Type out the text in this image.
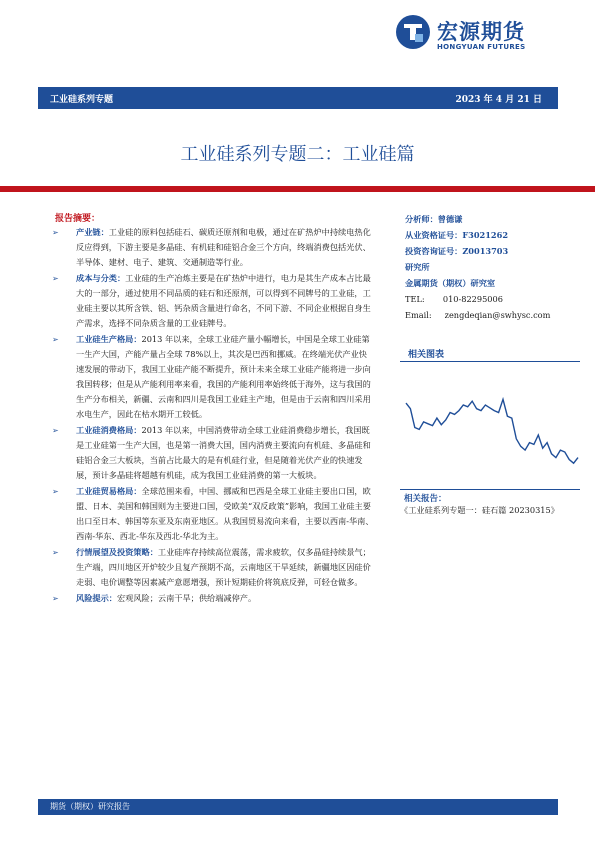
宏源期货
HONGYUAN FUTURES
工业硅系列专题	2023 年 4 月 21 日
工业硅系列专题二：工业硅篇
报告摘要：
➢ 产业链：工业硅的原料包括硅石、碳质还原剂和电极，通过在矿热炉中持续电热化反应得到，下游主要是多晶硅、有机硅和硅铝合金三个方向，终端消费包括光伏、半导体、建材、电子、建筑、交通制造等行业。
➢ 成本与分类：工业硅的生产冶炼主要是在矿热炉中进行，电力是其生产成本占比最大的一部分，通过使用不同品质的硅石和还原剂，可以得到不同牌号的工业硅，工业硅主要以其所含铁、铝、钙杂质含量进行命名，不同下游、不同企业根据自身生产需求，选择不同杂质含量的工业硅牌号。
➢ 工业硅生产格局：2013 年以来，全球工业硅产量小幅增长，中国是全球工业硅第一生产大国，产能产量占全球 78%以上，其次是巴西和挪威。在终端光伏产业快速发展的带动下，我国工业硅产能不断提升，预计未来全球工业硅产能将进一步向我国转移；但是从产能利用率来看，我国的产能利用率始终低于海外，这与我国的生产分布相关，新疆、云南和四川是我国工业硅主产地，但是由于云南和四川采用水电生产，因此在枯水期开工较低。
➢ 工业硅消费格局：2013 年以来，中国消费带动全球工业硅消费稳步增长，我国既是工业硅第一生产大国，也是第一消费大国，国内消费主要流向有机硅、多晶硅和硅铝合金三大板块，当前占比最大的是有机硅行业，但是随着光伏产业的快速发展，预计多晶硅将超越有机硅，成为我国工业硅消费的第一大板块。
➢ 工业硅贸易格局：全球范围来看，中国、挪威和巴西是全球工业硅主要出口国，欧盟、日本、美国和韩国则为主要进口国，受欧美“双反政策”影响，我国工业硅主要出口至日本、韩国等东亚及东南亚地区。从我国贸易流向来看，主要以西南-华南、西南-华东、西北-华东及西北-华北为主。
➢ 行情展望及投资策略：工业硅库存持续高位震荡，需求疲软，仅多晶硅持续景气；生产端，四川地区开炉较少且复产预期不高，云南地区干旱延续，新疆地区因硅价走弱、电价调整等因素减产意愿增强，预计短期硅价将筑底反弹，可轻仓做多。
➢ 风险提示：宏观风险；云南干旱；供给端减停产。
分析师：曾德谦
从业资格证号：F3021262
投资咨询证号：Z0013703
研究所
金属期货（期权）研究室
TEL: 010-82295006
Email: zengdeqian@swhysc.com
相关图表
相关报告：
《工业硅系列专题一：硅石篇 20230315》
期货（期权）研究报告
